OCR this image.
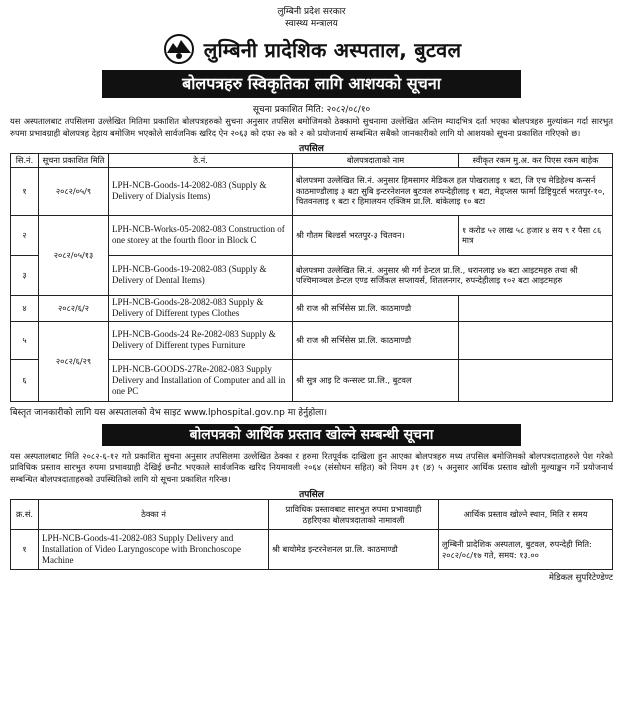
लुम्बिनी प्रदेश सरकार
स्वास्थ्य मन्त्रालय
लुम्बिनी प्रादेशिक अस्पताल, बुटवल
बोलपत्रहरु स्विकृतिका लागि आशयको सूचना
सूचना प्रकाशित मिति: २०८२/०८/१०
यस अस्पतालबाट तपसिलमा उल्लेखित मितिमा प्रकाशित बोलपत्रहरुको सुचना अनुसार तपसिल बमोजिमको ठेक्कामो सुचनामा उल्लेखित अन्तिम म्यादभित्र दर्ता भएका बोलपत्रहरु मुल्यांकन गर्दा सारभुत रुपमा प्रभावग्राही बोलपत्रह देहाय बमोजिम भएकोले सार्वजनिक खरिद ऐन २०६३ को दफा २७ को २ को प्रयोजनार्थ सम्बन्धित सबैको जानकारीको लागि यो आशयको सूचना प्रकाशित गरिएको छ।
तपसिल
सि.नं.	सूचना प्रकाशित मिति	ठे.नं.	बोलपत्रदाताको नाम	स्वीकृत रकम मु.अ. कर पिएस रकम बाहेक
१	२०८२/०५/९	LPH-NCB-Goods-14-2082-083 (Supply & Delivery of Dialysis Items)	बोलपत्रमा उल्लेखित सि.नं. अनुसार हिमसागर मेडिकल हल पोखरालाइ १ बटा, जि एच मेडिहेल्थ कन्सर्न काठमाण्डौलाइ ३ बटा सुबि इन्टरनेशनल बुटवल रुपन्देहीलाइ १ बटा, मेड्प्लस फार्मा डिष्ट्रियुटर्स भरतपुर-१०, चितवनलाइ १ बटा र हिमालयन एक्जिम प्रा.लि. बांकेलाइ १० बटा	
२	२०८२/०५/१३	LPH-NCB-Works-05-2082-083 Construction of one storey at the fourth floor in Block C	श्री गौतम बिल्डर्स भरतपुर-३ चितवन।	१ करोड ५२ लाख ५८ हजार ४ सय ९ र पैसा ८६ मात्र
३		LPH-NCB-Goods-19-2082-083 (Supply & Delivery of Dental Items)	बोलपत्रमा उल्लेखित सि.नं. अनुसार श्री गर्ग डेन्टल प्रा.लि., धरानलाइ ४७ बटा आइटमहरु तथा श्री पश्चिमाञ्चल डेन्टल एण्ड सर्जिकल सप्लायर्स, शितलनगर, रुपन्देहीलाइ १०२ बटा आइटमहरु	
४	२०८२/६/२	LPH-NCB-Goods-28-2082-083 Supply & Delivery of Different types Clothes	श्री राज श्री सर्भिसेस प्रा.लि. काठमाण्डौ	
५	२०८२/६/२९	LPH-NCB-Goods-24 Re-2082-083 Supply & Delivery of Different types Furniture	श्री राज श्री सर्भिसेस प्रा.लि. काठमाण्डौ	
६		LPH-NCB-GOODS-27Re-2082-083 Supply Delivery and Installation of Computer and all in one PC	श्री सुत्र आइ टि कन्सल्ट प्रा.लि., बुटवल	
बिस्तृत जानकारीको लागि यस अस्पतालको वेभ साइट www.lphospital.gov.np मा हेर्नुहोला।
बोलपत्रको आर्थिक प्रस्ताव खोल्ने सम्बन्धी सूचना
यस अस्पतालबाट मिति २०८२-६-१२ गते प्रकाशित सुचना अनुसार तपसिलमा उल्लेखित ठेक्का र हरुमा रितपूर्वक दाखिला हुन आएका बोलपत्रहरु मध्य तपसिल बमोजिमको बोलपत्रदाताहरुले पेश गरेको प्राविधिक प्रस्ताव सारभुत रुपमा प्रभावग्राही देखिई छनौट भएकाले सार्वजनिक खरिद नियमावली २०६४ (संसोधन सहित) को नियम ३१ (ङ) ५ अनुसार आर्थिक प्रस्ताव खोली मुल्याङ्कन गर्ने प्रयोजनार्थ सम्बन्धित बोलपत्रदाताहरुको उपस्थितिको लागि यो सूचना प्रकाशित गरिन्छ।
तपसिल
क्र.सं.	ठेक्का नं	प्राविधिक प्रस्तावबाट सारभुत रुपमा प्रभावग्राही ठहरिएका बोलपत्रदाताको नामावली	आर्थिक प्रस्ताव खोल्ने स्थान, मिति र समय
१	LPH-NCB-Goods-41-2082-083 Supply Delivery and Installation of Video Laryngoscope with Bronchoscope Machine	श्री बायोमेड इन्टरनेशनल प्रा.लि. काठमाण्डौ	लुम्बिनी प्रादेशिक अस्पताल, बुटवल, रुपन्देही मिति: २०८२/०८/१७ गते, समय: १३.००
मेडिकल सुपरिटेण्डेण्ट
